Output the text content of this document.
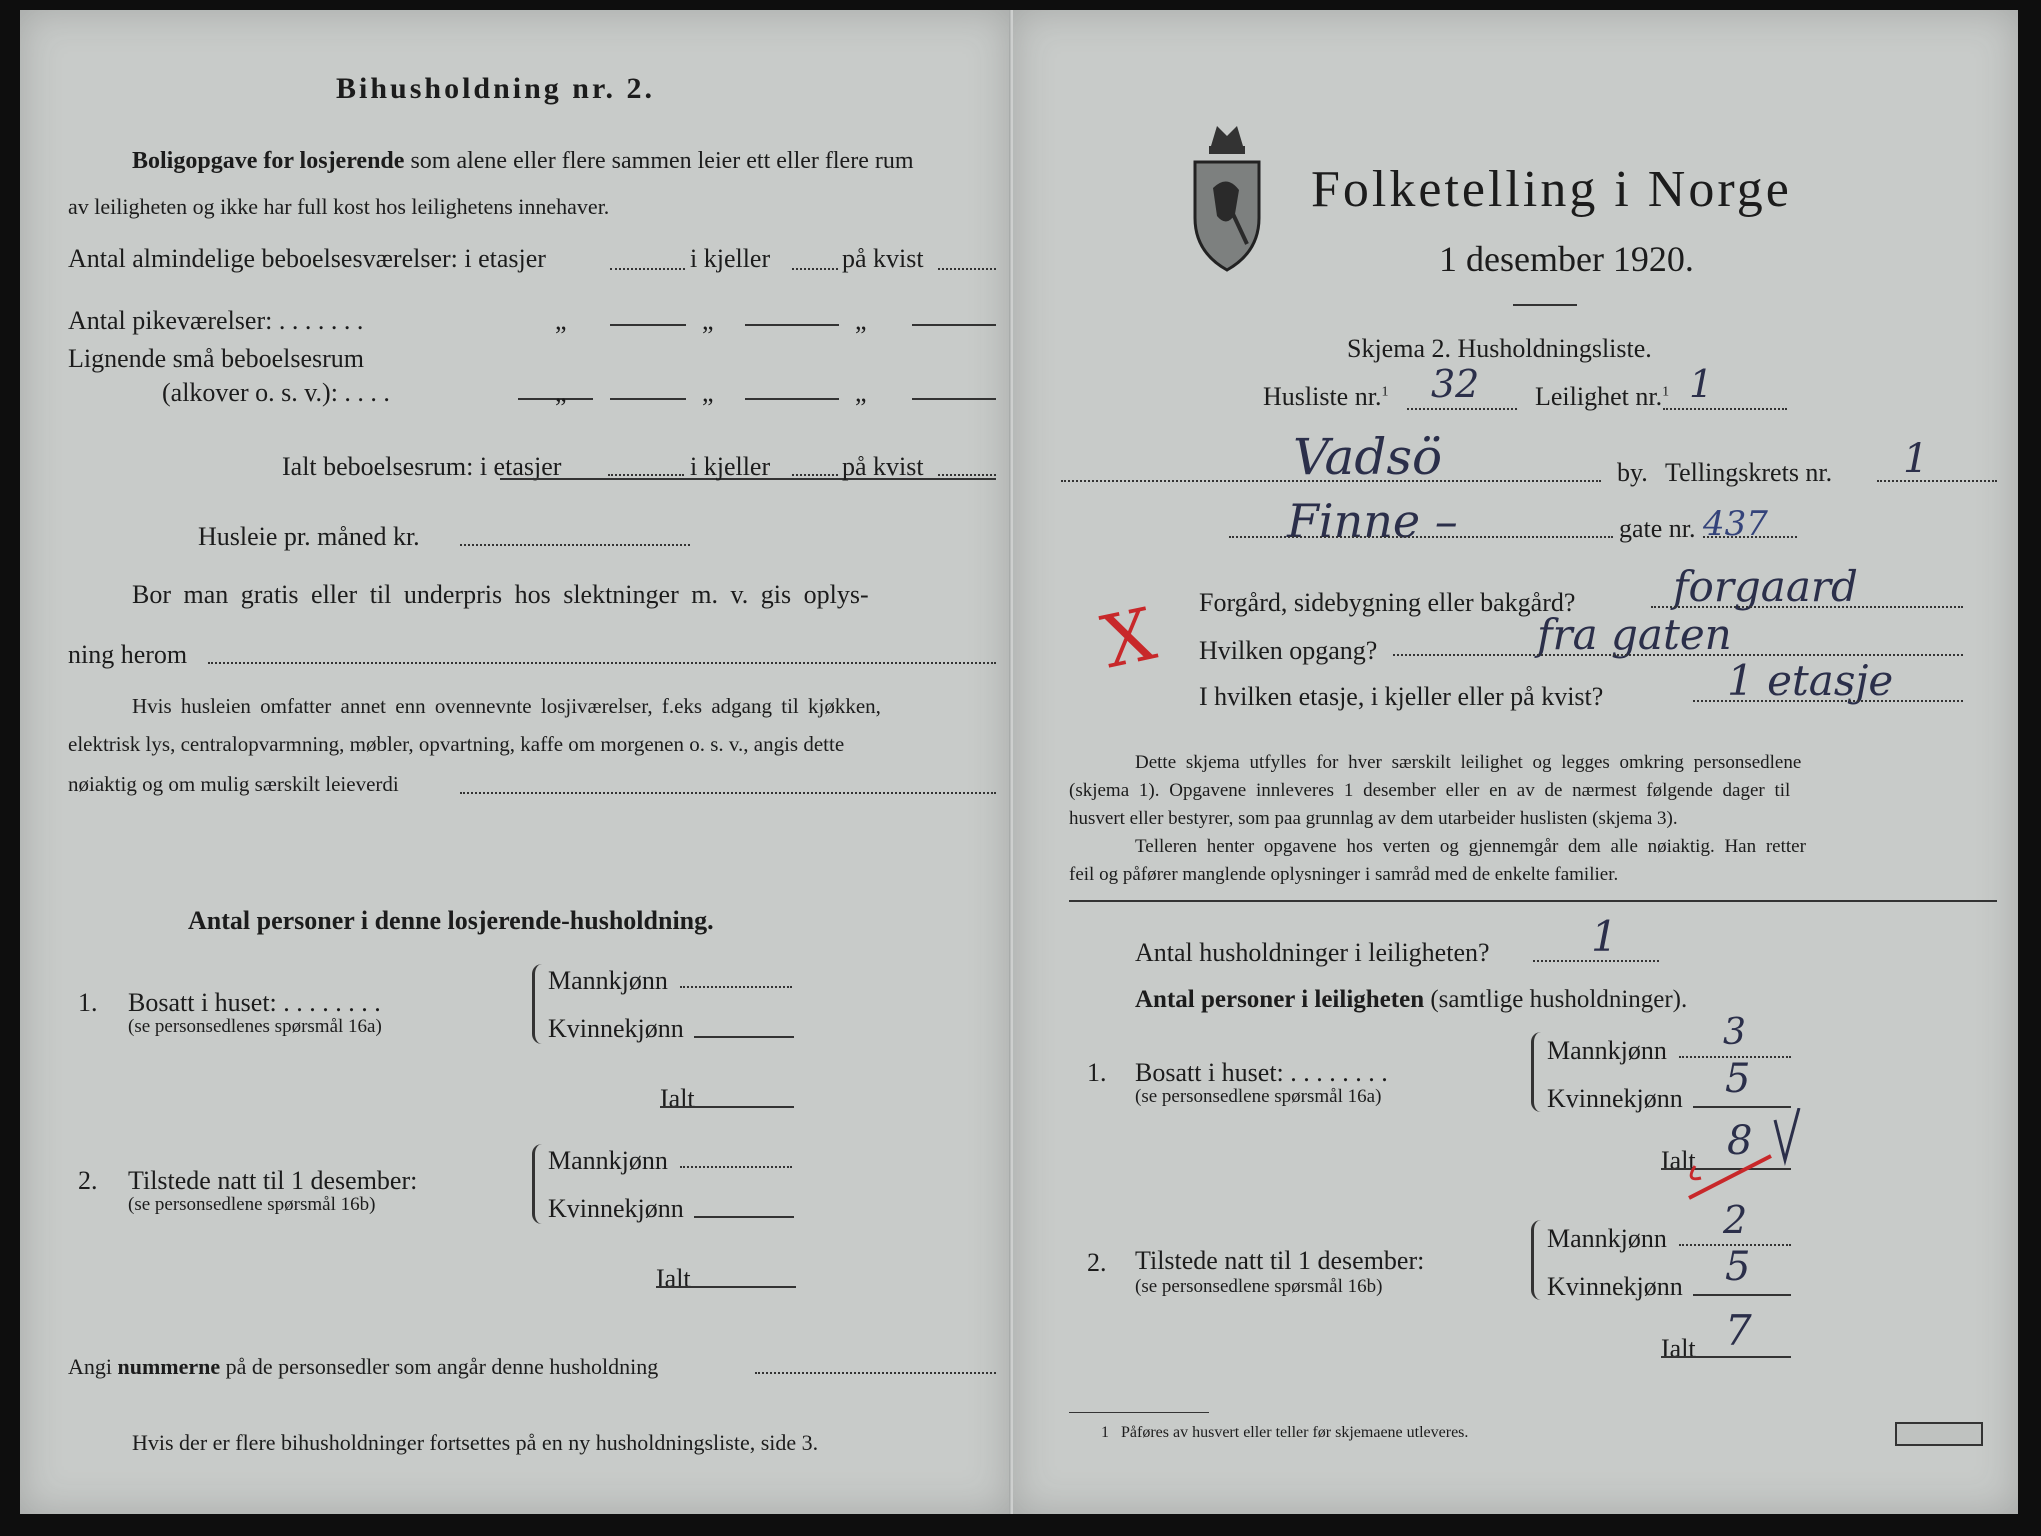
Bihusholdning nr. 2.
Boligopgave for losjerende som alene eller flere sammen leier ett eller flere rum
av leiligheten og ikke har full kost hos leilighetens innehaver.
Antal almindelige beboelsesværelser: i etasjer	i kjeller	på kvist
Antal pikeværelser: . . . . . . .	„	„	„
Lignende små beboelsesrum
(alkover o. s. v.): . . . .	„	„	„
Ialt beboelsesrum: i etasjer	i kjeller	på kvist
Husleie pr. måned kr.
Bor man gratis eller til underpris hos slektninger m. v. gis oplys-
ning herom
Hvis husleien omfatter annet enn ovennevnte losjiværelser, f.eks adgang til kjøkken,
elektrisk lys, centralopvarmning, møbler, opvartning, kaffe om morgenen o. s. v., angis dette
nøiaktig og om mulig særskilt leieverdi
Antal personer i denne losjerende-husholdning.
1. Bosatt i huset: . . . . . . . .
(se personsedlenes spørsmål 16a)
Mannkjønn
Kvinnekjønn
Ialt
2. Tilstede natt til 1 desember:
(se personsedlene spørsmål 16b)
Mannkjønn
Kvinnekjønn
Ialt
Angi nummerne på de personsedler som angår denne husholdning
Hvis der er flere bihusholdninger fortsettes på en ny husholdningsliste, side 3.
Folketelling i Norge
1 desember 1920.
Skjema 2. Husholdningsliste.
Husliste nr.$^1$ 32 Leilighet nr.$^1$ 1
Vadsö	by. Tellingskrets nr. 1
Finne –	gate nr. 437
X Forgård, sidebygning eller bakgård? forgaard
Hvilken opgang?	fra gaten
I hvilken etasje, i kjeller eller på kvist?	1 etasje
Dette skjema utfylles for hver særskilt leilighet og legges omkring personsedlene
(skjema 1). Opgavene innleveres 1 desember eller en av de nærmest følgende dager til
husvert eller bestyrer, som paa grunnlag av dem utarbeider huslisten (skjema 3).
Telleren henter opgavene hos verten og gjennemgår dem alle nøiaktig. Han retter
feil og påfører manglende oplysninger i samråd med de enkelte familier.
Antal husholdninger i leiligheten? 1
Antal personer i leiligheten (samtlige husholdninger).
1. Bosatt i huset: . . . . . . . .
(se personsedlene spørsmål 16a)
Mannkjønn 3
Kvinnekjønn 5
Ialt 8
2. Tilstede natt til 1 desember:
(se personsedlene spørsmål 16b)
Mannkjønn 2
Kvinnekjønn 5
Ialt 7
1 Påføres av husvert eller teller før skjemaene utleveres.
